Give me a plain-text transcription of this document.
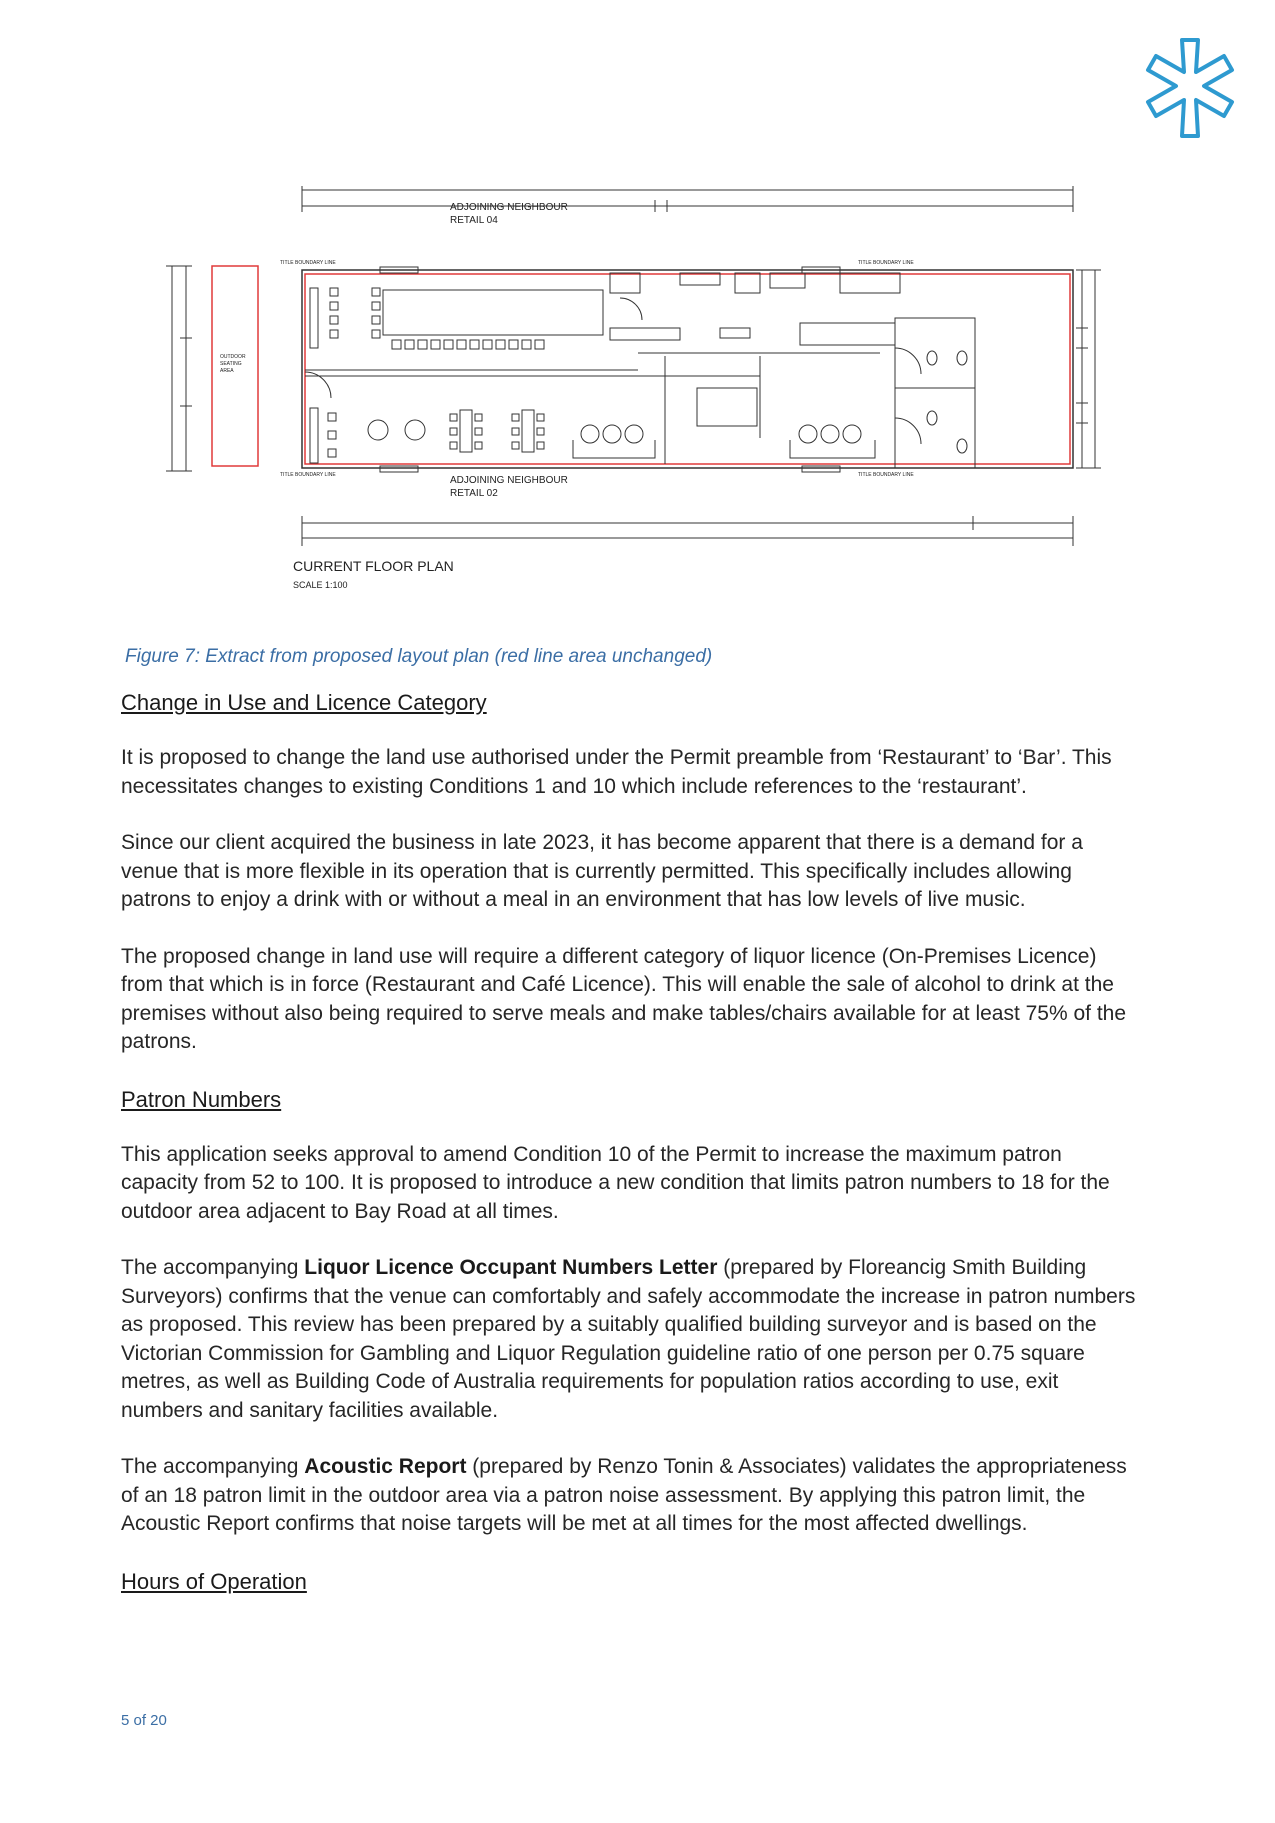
ADJOINING NEIGHBOUR
RETAIL 04
ADJOINING NEIGHBOUR
RETAIL 02
TITLE BOUNDARY LINE	TITLE BOUNDARY LINE
TITLE BOUNDARY LINE	TITLE BOUNDARY LINE
OUTDOOR
SEATING
AREA
CURRENT FLOOR PLAN
SCALE 1:100
Figure 7: Extract from proposed layout plan (red line area unchanged)
Change in Use and Licence Category

It is proposed to change the land use authorised under the Permit preamble from ‘Restaurant’ to ‘Bar’. This necessitates changes to existing Conditions 1 and 10 which include references to the ‘restaurant’.

Since our client acquired the business in late 2023, it has become apparent that there is a demand for a venue that is more flexible in its operation that is currently permitted. This specifically includes allowing patrons to enjoy a drink with or without a meal in an environment that has low levels of live music.

The proposed change in land use will require a different category of liquor licence (On-Premises Licence) from that which is in force (Restaurant and Café Licence). This will enable the sale of alcohol to drink at the premises without also being required to serve meals and make tables/chairs available for at least 75% of the patrons.

Patron Numbers

This application seeks approval to amend Condition 10 of the Permit to increase the maximum patron capacity from 52 to 100. It is proposed to introduce a new condition that limits patron numbers to 18 for the outdoor area adjacent to Bay Road at all times.

The accompanying Liquor Licence Occupant Numbers Letter (prepared by Floreancig Smith Building Surveyors) confirms that the venue can comfortably and safely accommodate the increase in patron numbers as proposed. This review has been prepared by a suitably qualified building surveyor and is based on the Victorian Commission for Gambling and Liquor Regulation guideline ratio of one person per 0.75 square metres, as well as Building Code of Australia requirements for population ratios according to use, exit numbers and sanitary facilities available.

The accompanying Acoustic Report (prepared by Renzo Tonin & Associates) validates the appropriateness of an 18 patron limit in the outdoor area via a patron noise assessment. By applying this patron limit, the Acoustic Report confirms that noise targets will be met at all times for the most affected dwellings.

Hours of Operation
5 of 20
